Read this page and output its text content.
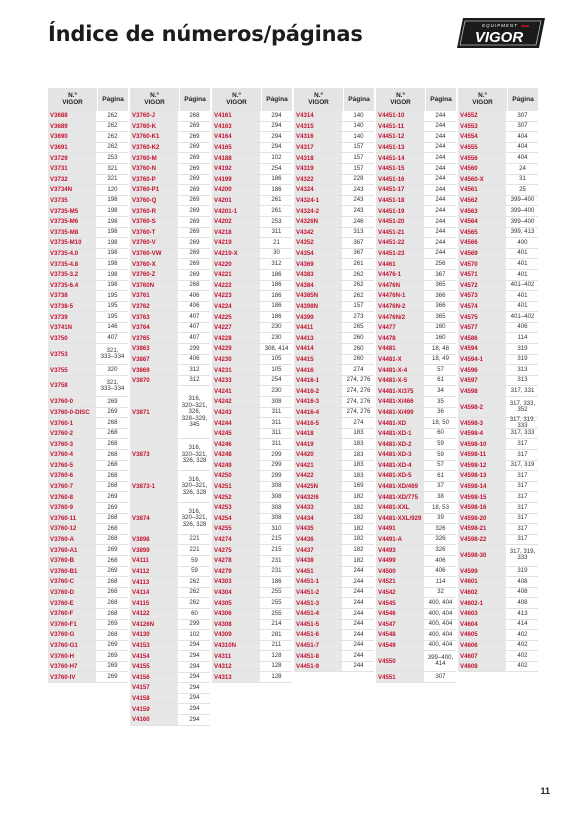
Índice de números/páginas	EQUIPMENT
VIGOR
N.º
VIGOR	Página
V3688	262
V3689	262
V3690	262
V3691	262
V3729	253
V3731	321
V3732	321
V3734N	120
V3735	198
V3735-M5	198
V3735-M6	198
V3735-M8	198
V3735-M10	198
V3735-4.0	198
V3735-4.8	198
V3735-3.2	198
V3735-6.4	198
V3738	195
V3738-5	195
V3739	195
V3741N	146
V3750	407
V3753
321,
333–334
V3755	320
V3758
321,
333–334
V3760-0	269
V3760-0-DISC	269
V3760-1	268
V3760-2	268
V3760-3	268
V3760-4	268
V3760-5	268
V3760-6	268
V3760-7	268
V3760-8	269
V3760-9	269
V3760-11	268
V3760-12	268
V3760-A	268
V3760-A1	269
V3760-B	268
V3760-B1	269
V3760-C	268
V3760-D	268
V3760-E	268
V3760-F	268
V3760-F1	269
V3760-G	268
V3760-G1	269
V3760-H	269
V3760-H7	269
V3760-IV	269
N.º
VIGOR	Página
V3760-J	268
V3760-K	269
V3760-K1	269
V3760-K2	269
V3760-M	269
V3760-N	269
V3760-P	269
V3760-P1	269
V3760-Q	269
V3760-R	269
V3760-S	269
V3760-T	269
V3760-V	269
V3760-VW	269
V3760-X	269
V3760-Z	269
V3760N	268
V3761	406
V3762	406
V3763	407
V3764	407
V3765	407
V3863	299
V3867	406
V3869	312
V3870	312
V3871
316,
320–321,
326,
328–329,
345
V3873
316,
320–321,
326, 328
V3873-1
316,
320–321,
326, 328
V3874
316,
320–321,
326, 328
V3898	221
V3899	221
V4111	59
V4112	59
V4113	262
V4114	262
V4115	262
V4122	60
V4126N	299
V4130	102
V4153	294
V4154	294
V4155	294
V4156	294
V4157	294
V4158	294
V4159	294
V4160	294
N.º
VIGOR	Página
V4161	294
V4163	294
V4164	294
V4165	294
V4188	102
V4192	254
V4199	186
V4200	186
V4201	261
V4201-1	261
V4202	253
V4218	311
V4219	21
V4219-X	30
V4220	312
V4221	186
V4222	186
V4223	186
V4224	186
V4225	186
V4227	230
V4228	230
V4229	308, 414
V4230	105
V4231	105
V4233	254
V4241	230
V4242	308
V4243	311
V4244	311
V4245	311
V4246	311
V4248	299
V4249	299
V4250	299
V4251	308
V4252	308
V4253	308
V4254	308
V4255	310
V4274	215
V4275	215
V4278	231
V4279	231
V4303	186
V4304	255
V4305	255
V4306	255
V4308	214
V4309	281
V4310N	211
V4311	128
V4312	128
V4313	128
N.º
VIGOR	Página
V4314	140
V4315	140
V4316	140
V4317	157
V4318	157
V4319	157
V4322	228
V4324	243
V4324-1	243
V4324-2	243
V4326N	246
V4342	313
V4352	367
V4354	367
V4369	261
V4383	262
V4384	262
V4385N	262
V4398N	157
V4399	273
V4411	265
V4413	260
V4414	260
V4415	260
V4416	274
V4416-1	274, 276
V4416-2	274, 276
V4416-3	274, 276
V4416-4	274, 276
V4416-5	274
V4418	183
V4419	183
V4420	183
V4421	183
V4422	183
V4425N	169
V4432/6	182
V4433	182
V4434	182
V4435	182
V4436	182
V4437	182
V4438	182
V4451	244
V4451-1	244
V4451-2	244
V4451-3	244
V4451-4	244
V4451-5	244
V4451-6	244
V4451-7	244
V4451-8	244
V4451-9	244
N.º
VIGOR	Página
V4451-10	244
V4451-11	244
V4451-12	244
V4451-13	244
V4451-14	244
V4451-15	244
V4451-16	244
V4451-17	244
V4451-18	244
V4451-19	244
V4451-20	244
V4451-21	244
V4451-22	244
V4451-23	244
V4461	256
V4476-1	367
V4476N	365
V4476N-1	366
V4476N-2	366
V4476N/2	365
V4477	160
V4478	160
V4481	18, 48
V4481-X	18, 49
V4481-X-4	57
V4481-X-5	61
V4481-X/375	34
V4481-X/466	35
V4481-X/499	36
V4481-XD	18, 50
V4481-XD-1	60
V4481-XD-2	59
V4481-XD-3	59
V4481-XD-4	57
V4481-XD-5	61
V4481-XD/469	37
V4481-XD/775	38
V4481-XXL	18, 53
V4481-XXL/929	39
V4491	326
V4491-A	326
V4493	326
V4499	406
V4500	406
V4521	114
V4542	32
V4545	400, 404
V4546	400, 404
V4547	400, 404
V4548	400, 404
V4549	400, 404
V4550
399–400,
414
V4551	307
N.º
VIGOR	Página
V4552	307
V4553	307
V4554	404
V4555	404
V4556	404
V4560	24
V4560-X	31
V4561	25
V4562	399–400
V4563	399–400
V4564	399–400
V4565	399, 413
V4566	400
V4569	401
V4570	401
V4571	401
V4572	401–402
V4573	401
V4574	401
V4575	401–402
V4577	406
V4586	114
V4594	319
V4594-1	319
V4596	313
V4597	313
V4598	317, 331
V4598-2
317, 333,
352
V4598-3
317, 319,
333
V4598-4	317, 333
V4598-10	317
V4598-11	317
V4598-12	317, 319
V4598-13	317
V4598-14	317
V4598-15	317
V4598-16	317
V4598-20	317
V4598-21	317
V4598-22	317
V4598-30
317, 319,
333
V4599	319
V4601	408
V4602	408
V4602-1	408
V4603	413
V4604	414
V4605	402
V4606	402
V4607	402
V4608	402
11
